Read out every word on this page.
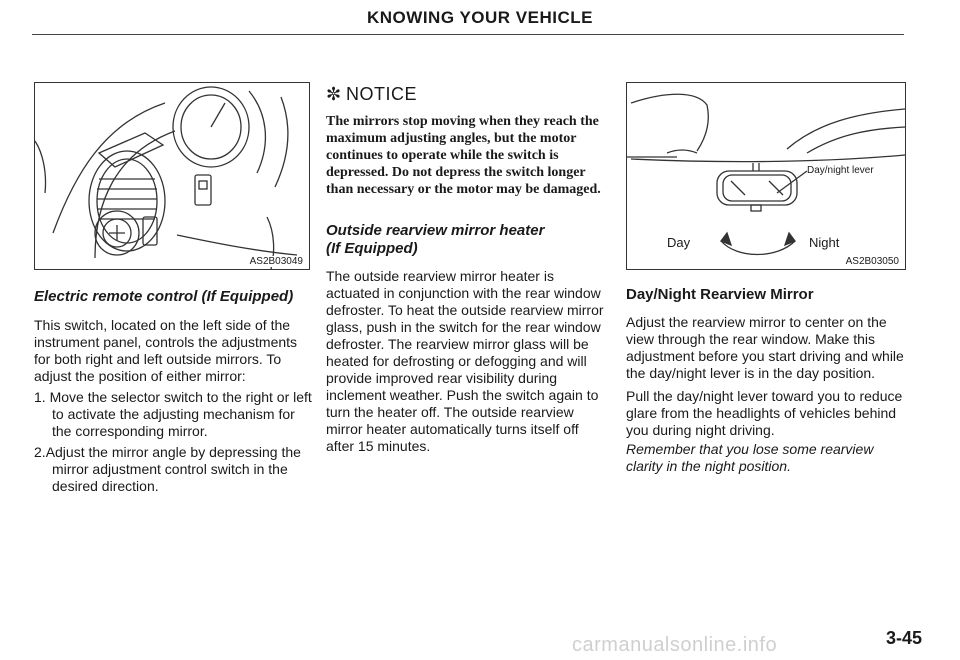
KNOWING YOUR VEHICLE
AS2B03049
Electric remote control (If Equipped)

This switch, located on the left side of the instrument panel, controls the adjustments for both right and left outside mirrors. To adjust the position of either mirror:

1. Move the selector switch to the right or left to activate the adjusting mechanism for the corresponding mirror.
2.Adjust the mirror angle by depressing the mirror adjustment control switch in the desired direction.
✼ NOTICE
The mirrors stop moving when they reach the maximum adjusting angles, but the motor continues to operate while the switch is depressed. Do not depress the switch longer than necessary or the motor may be damaged.
Outside rearview mirror heater
(If Equipped)

The outside rearview mirror heater is actuated in conjunction with the rear window defroster. To heat the outside rearview mirror glass, push in the switch for the rear window defroster. The rearview mirror glass will be heated for defrosting or defogging and will provide improved rear visibility during inclement weather. Push the switch again to turn the heater off. The outside rearview mirror heater automatically turns itself off after 15 minutes.

Day/night lever
Day	Night
AS2B03050
Day/Night Rearview Mirror

Adjust the rearview mirror to center on the view through the rear window. Make this adjustment before you start driving and while the day/night lever is in the day position.

Pull the day/night lever toward you to reduce glare from the headlights of vehicles behind you during night driving.

Remember that you lose some rearview clarity in the night position.

carmanualsonline.info	3-45
